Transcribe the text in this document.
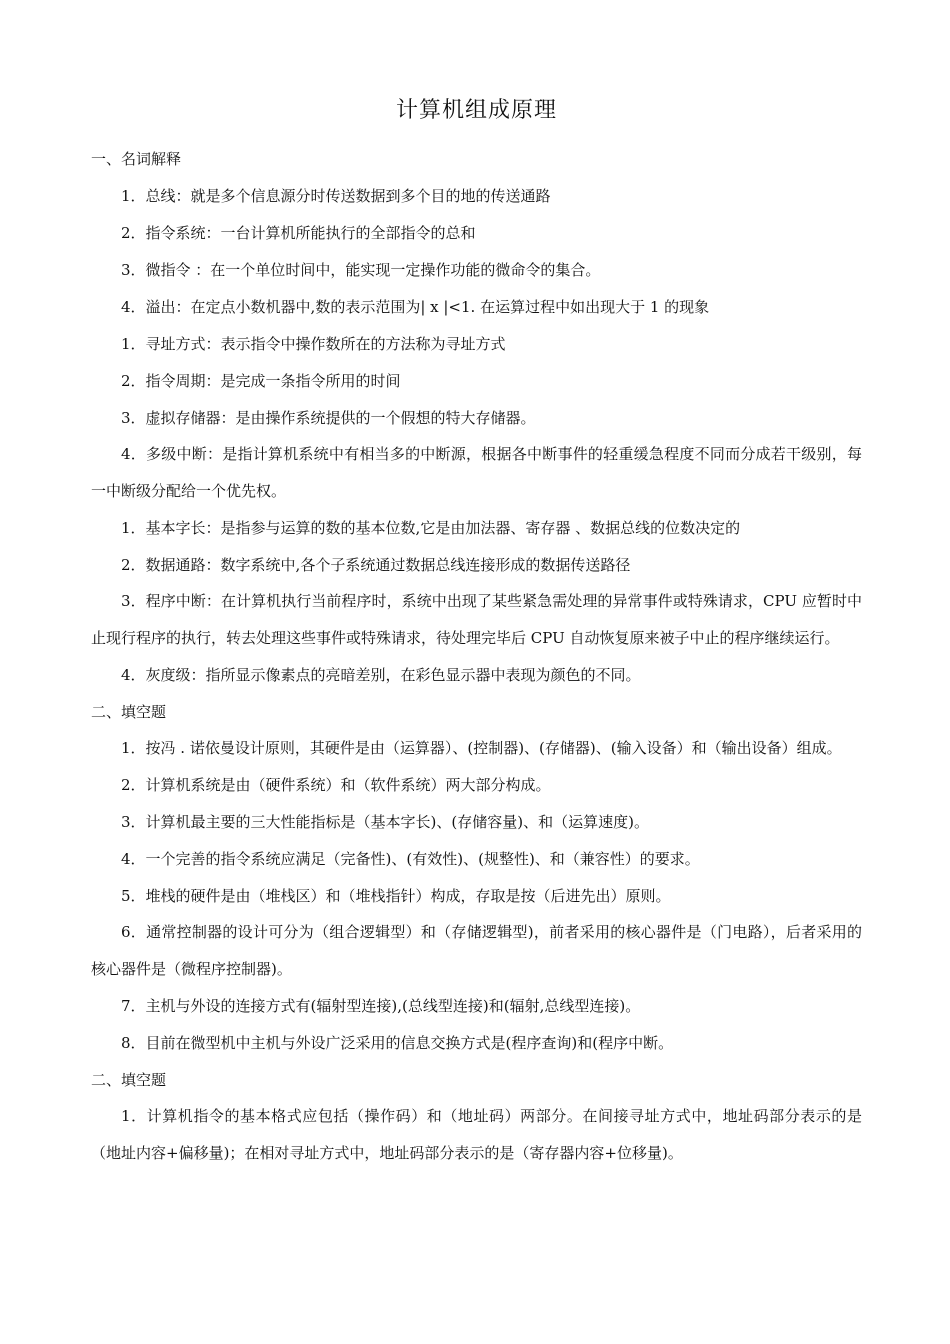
计算机组成原理
一、名词解释
1．总线：就是多个信息源分时传送数据到多个目的地的传送通路
2．指令系统：一台计算机所能执行的全部指令的总和
3．微指令 ：在一个单位时间中，能实现一定操作功能的微命令的集合。
4．溢出：在定点小数机器中,数的表示范围为| x |<1. 在运算过程中如出现大于 1 的现象
1．寻址方式：表示指令中操作数所在的方法称为寻址方式
2．指令周期：是完成一条指令所用的时间
3．虚拟存储器：是由操作系统提供的一个假想的特大存储器。
4．多级中断：是指计算机系统中有相当多的中断源，根据各中断事件的轻重缓急程度不同而分成若干级别，每一中断级分配给一个优先权。
1．基本字长：是指参与运算的数的基本位数,它是由加法器、寄存器 、数据总线的位数决定的
2．数据通路：数字系统中,各个子系统通过数据总线连接形成的数据传送路径
3．程序中断：在计算机执行当前程序时，系统中出现了某些紧急需处理的异常事件或特殊请求，CPU 应暂时中止现行程序的执行，转去处理这些事件或特殊请求，待处理完毕后 CPU 自动恢复原来被子中止的程序继续运行。
4．灰度级：指所显示像素点的亮暗差别，在彩色显示器中表现为颜色的不同。
二、填空题
1．按冯 . 诺依曼设计原则，其硬件是由（运算器）、(控制器)、(存储器)、(输入设备）和（输出设备）组成。
2．计算机系统是由（硬件系统）和（软件系统）两大部分构成。
3．计算机最主要的三大性能指标是（基本字长)、(存储容量)、和（运算速度)。
4．一个完善的指令系统应满足（完备性)、(有效性)、(规整性)、和（兼容性）的要求。
5．堆栈的硬件是由（堆栈区）和（堆栈指针）构成，存取是按（后进先出）原则。
6．通常控制器的设计可分为（组合逻辑型）和（存储逻辑型)，前者采用的核心器件是（门电路），后者采用的核心器件是（微程序控制器)。
7．主机与外设的连接方式有(辐射型连接),(总线型连接)和(辐射,总线型连接)。
8．目前在微型机中主机与外设广泛采用的信息交换方式是(程序查询)和(程序中断。
二、填空题
1．计算机指令的基本格式应包括（操作码）和（地址码）两部分。在间接寻址方式中，地址码部分表示的是（地址内容+偏移量)；在相对寻址方式中，地址码部分表示的是（寄存器内容+位移量)。
